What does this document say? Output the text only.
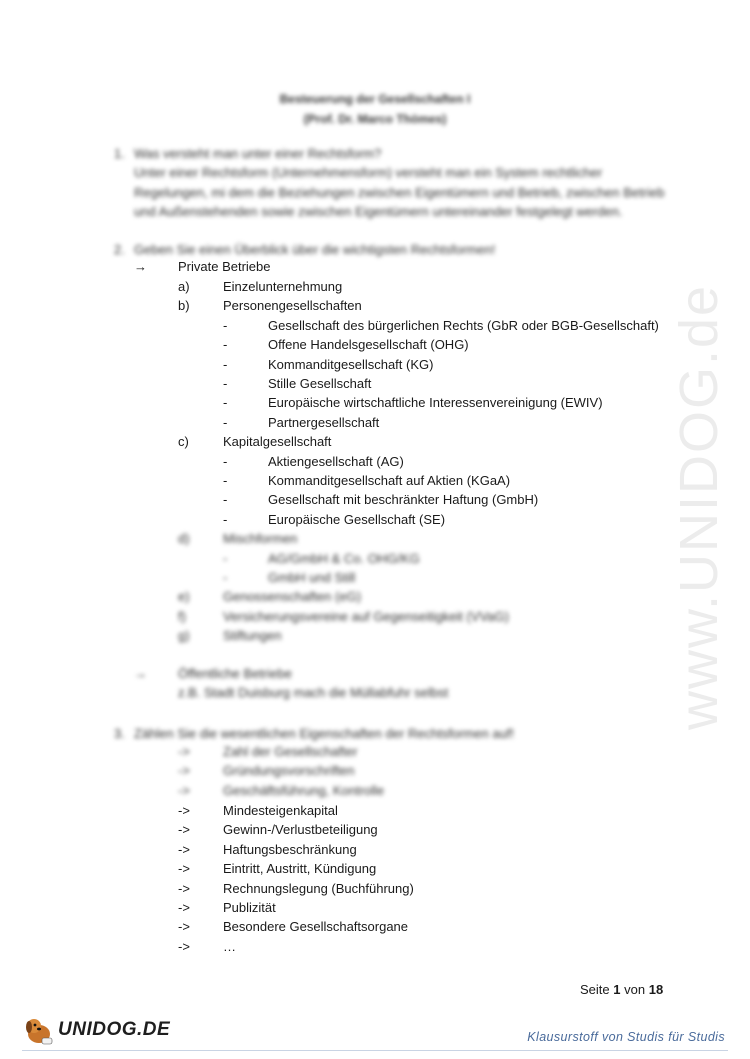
Besteuerung der Gesellschaften I
(Prof. Dr. Marco Thömes)
1. Was versteht man unter einer Rechtsform?
Unter einer Rechtsform (Unternehmensform) versteht man ein System rechtlicher
Regelungen, mi dem die Beziehungen zwischen Eigentümern und Betrieb, zwischen Betrieb
und Außenstehenden sowie zwischen Eigentümern untereinander festgelegt werden.
2. Geben Sie einen Überblick über die wichtigsten Rechtsformen!
→ Private Betriebe
a)	Einzelunternehmung
b)	Personengesellschaften
-	Gesellschaft des bürgerlichen Rechts (GbR oder BGB-Gesellschaft)
-	Offene Handelsgesellschaft (OHG)
-	Kommanditgesellschaft (KG)
-	Stille Gesellschaft
-	Europäische wirtschaftliche Interessenvereinigung (EWIV)
-	Partnergesellschaft
c)	Kapitalgesellschaft
-	Aktiengesellschaft (AG)
-	Kommanditgesellschaft auf Aktien (KGaA)
-	Gesellschaft mit beschränkter Haftung (GmbH)
-	Europäische Gesellschaft (SE)
d)	Mischformen
-	AG/GmbH & Co. OHG/KG
-	GmbH und Still
e)	Genossenschaften (eG)
f)	Versicherungsvereine auf Gegenseitigkeit (VVaG)
g)	Stiftungen
→ Öffentliche Betriebe
z.B. Stadt Duisburg mach die Müllabfuhr selbst
3. Zählen Sie die wesentlichen Eigenschaften der Rechtsformen auf!
->	Zahl der Gesellschafter
->	Gründungsvorschriften
->	Geschäftsführung, Kontrolle
->	Mindesteigenkapital
->	Gewinn-/Verlustbeteiligung
->	Haftungsbeschränkung
->	Eintritt, Austritt, Kündigung
->	Rechnungslegung (Buchführung)
->	Publizität
->	Besondere Gesellschaftsorgane
->	…
www.UNIDOG.de
Seite 1 von 18
UNIDOG.DE	Klausurstoff von Studis für Studis
